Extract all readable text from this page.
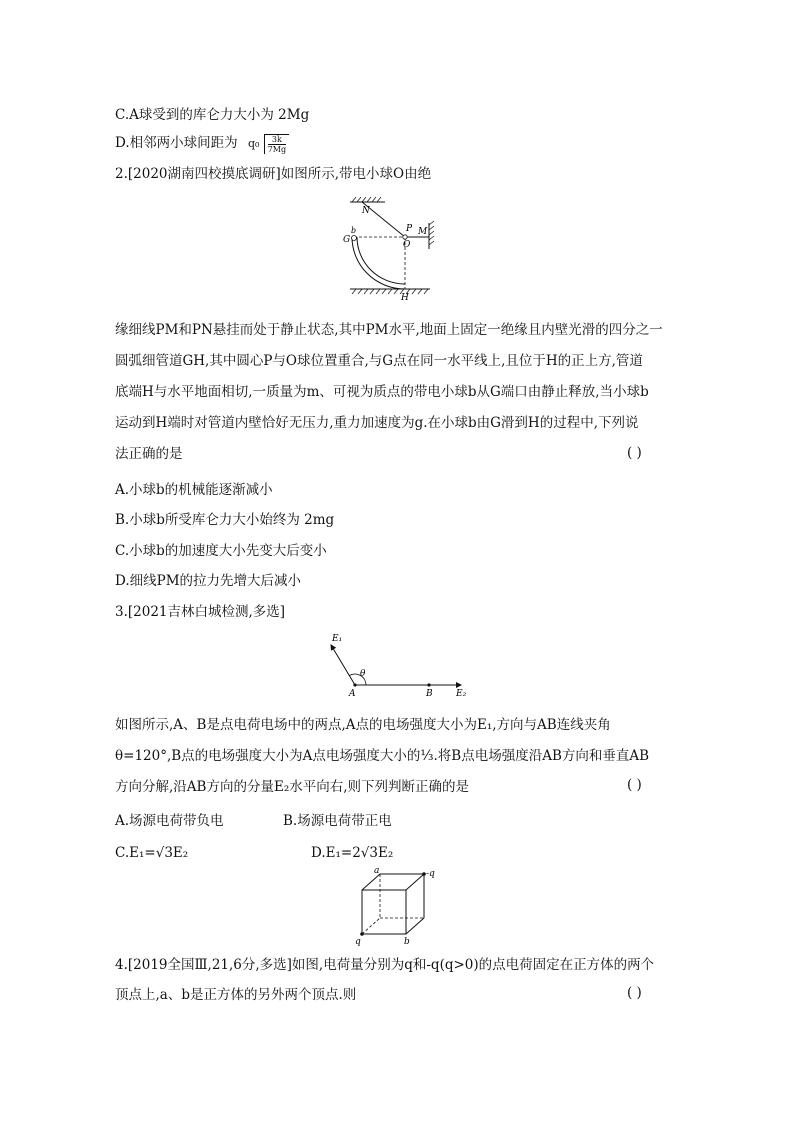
C.A球受到的库仑力大小为 2Mg
D.相邻两小球间距为 $q_0 \frac{3k}{7Mg}$
2.[2020湖南四校摸底调研]如图所示,带电小球O由绝
N
P M
b
G	O
H
缘细线PM和PN悬挂而处于静止状态,其中PM水平,地面上固定一绝缘且内壁光滑的四分之一
圆弧细管道GH,其中圆心P与O球位置重合,与G点在同一水平线上,且位于H的正上方,管道
底端H与水平地面相切,一质量为m、可视为质点的带电小球b从G端口由静止释放,当小球b
运动到H端时对管道内壁恰好无压力,重力加速度为g.在小球b由G滑到H的过程中,下列说
法正确的是	( )
A.小球b的机械能逐渐减小
B.小球b所受库仑力大小始终为 2mg
C.小球b的加速度大小先变大后变小
D.细线PM的拉力先增大后减小
3.[2021吉林白城检测,多选]
E₁
θ
A	B	E₂
如图所示,A、B是点电荷电场中的两点,A点的电场强度大小为E₁,方向与AB连线夹角
θ=120°,B点的电场强度大小为A点电场强度大小的⅓.将B点电场强度沿AB方向和垂直AB
方向分解,沿AB方向的分量E₂水平向右,则下列判断正确的是	( )
A.场源电荷带负电	B.场源电荷带正电
C.E₁=√3E₂	D.E₁=2√3E₂
a	-q
q	b
4.[2019全国Ⅲ,21,6分,多选]如图,电荷量分别为q和-q(q>0)的点电荷固定在正方体的两个
顶点上,a、b是正方体的另外两个顶点.则	( )
